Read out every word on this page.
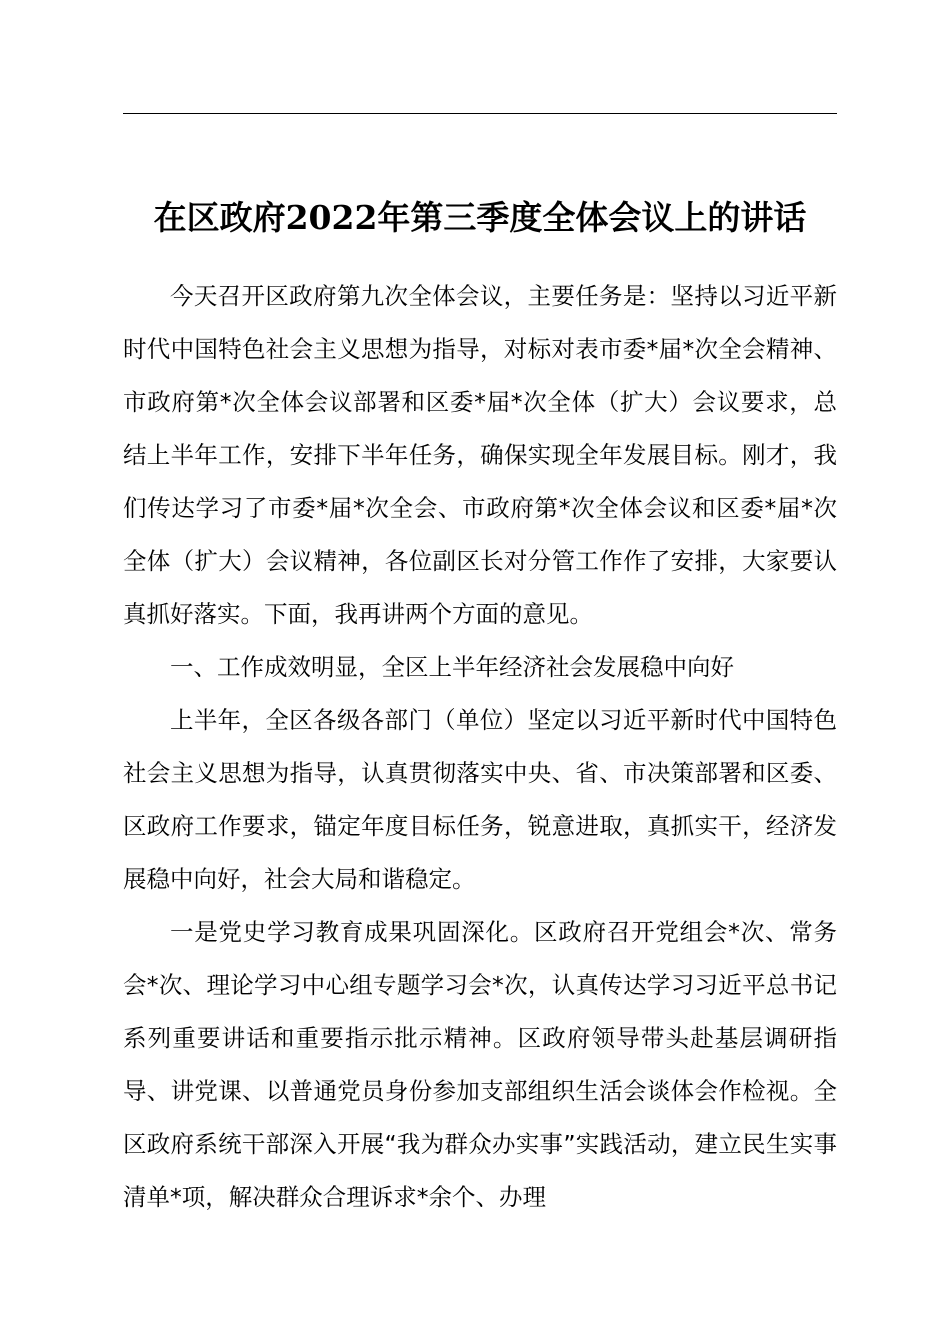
在区政府2022年第三季度全体会议上的讲话

今天召开区政府第九次全体会议，主要任务是：坚持以习近平新时代中国特色社会主义思想为指导，对标对表市委*届*次全会精神、市政府第*次全体会议部署和区委*届*次全体（扩大）会议要求，总结上半年工作，安排下半年任务，确保实现全年发展目标。刚才，我们传达学习了市委*届*次全会、市政府第*次全体会议和区委*届*次全体（扩大）会议精神，各位副区长对分管工作作了安排，大家要认真抓好落实。下面，我再讲两个方面的意见。

一、工作成效明显，全区上半年经济社会发展稳中向好

上半年，全区各级各部门（单位）坚定以习近平新时代中国特色社会主义思想为指导，认真贯彻落实中央、省、市决策部署和区委、区政府工作要求，锚定年度目标任务，锐意进取，真抓实干，经济发展稳中向好，社会大局和谐稳定。

一是党史学习教育成果巩固深化。区政府召开党组会*次、常务会*次、理论学习中心组专题学习会*次，认真传达学习习近平总书记系列重要讲话和重要指示批示精神。区政府领导带头赴基层调研指导、讲党课、以普通党员身份参加支部组织生活会谈体会作检视。全区政府系统干部深入开展“我为群众办实事”实践活动，建立民生实事清单*项，解决群众合理诉求*余个、办理
